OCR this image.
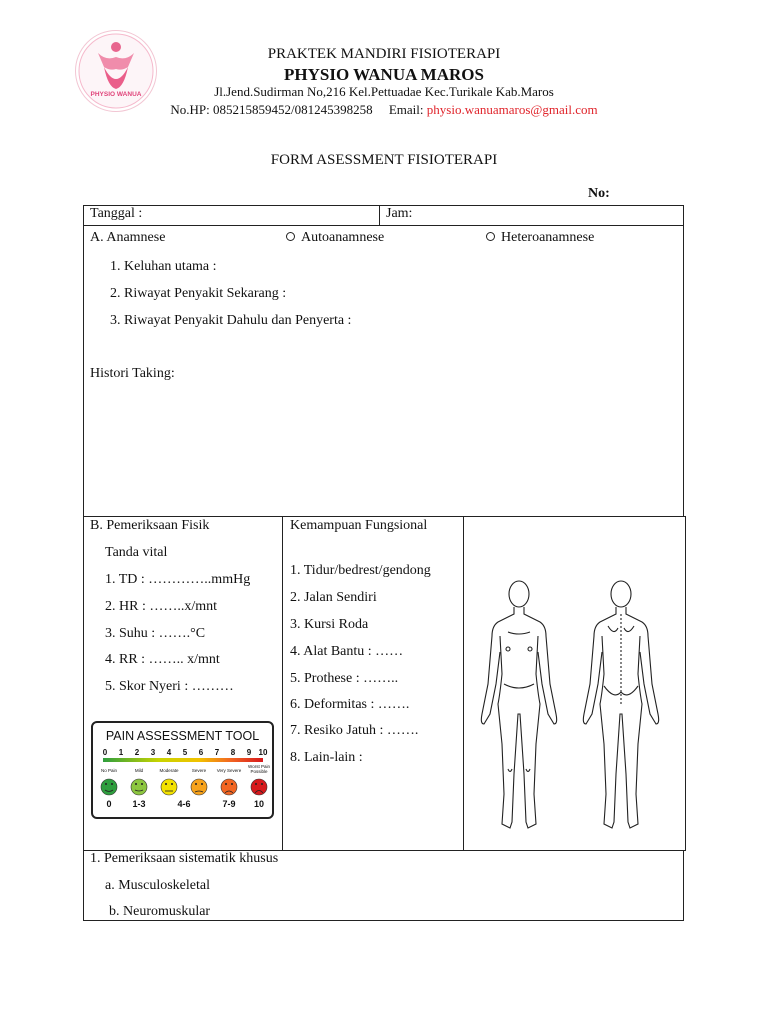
PHYSIO WANUA
PRAKTEK MANDIRI FISIOTERAPI
PHYSIO WANUA MAROS
Jl.Jend.Sudirman No,216 Kel.Pettuadae Kec.Turikale Kab.Maros
No.HP: 085215859452/081245398258 Email: physio.wanuamaros@gmail.com
FORM ASESSMENT FISIOTERAPI
No:
Tanggal :	Jam:
A. Anamnese	Autoanamnese	Heteroanamnese
1. Keluhan utama :
2. Riwayat Penyakit Sekarang :
3. Riwayat Penyakit Dahulu dan Penyerta :
Histori Taking:
B. Pemeriksaan Fisik
Tanda vital
1. TD : …………..mmHg
2. HR : ……..x/mnt
3. Suhu : …….°C
4. RR : …….. x/mnt
5. Skor Nyeri : ………
PAIN ASSESSMENT TOOL
0 1 2 3 4 5 6 7 8 9 10
No Pain	Mild	Moderate	Severe Very Severe
Worst Pain
Possible
0 1-3	4-6	7-9 10
Kemampuan Fungsional
1. Tidur/bedrest/gendong
2. Jalan Sendiri
3. Kursi Roda
4. Alat Bantu : ……
5. Prothese : ……..
6. Deformitas : …….
7. Resiko Jatuh : …….
8. Lain-lain :
1. Pemeriksaan sistematik khusus
a. Musculoskeletal
b. Neuromuskular
